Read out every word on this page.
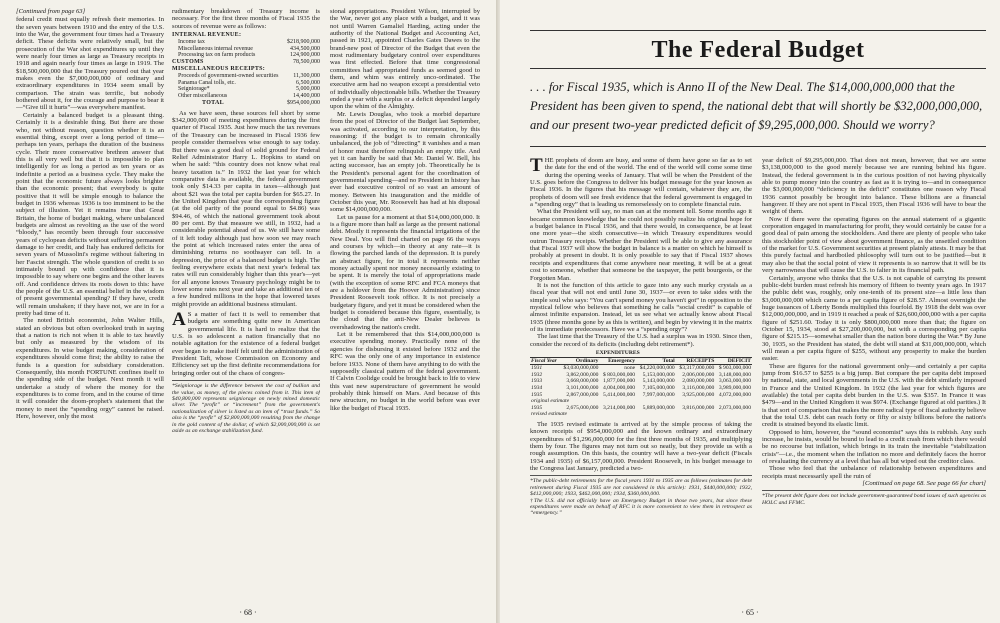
[Continued from page 63]

federal credit must equally refresh their memories. In the seven years between 1910 and the entry of the U.S. into the War, the government four times had a Treasury deficit. These deficits were relatively small, but the prosecution of the War shot expenditures up until they were nearly four times as large as Treasury receipts in 1918 and again nearly four times as large in 1919. The $18,500,000,000 that the Treasury poured out that year makes even the $7,000,000,000 of ordinary and extraordinary expenditures in 1934 seem small by comparison. The strain was terrific, but nobody bothered about it, for the courage and purpose to bear it—“Give till it hurts”—was everywhere manifest.

Certainly a balanced budget is a pleasant thing. Certainly it is a desirable thing. But there are those who, not without reason, question whether it is an essential thing, except over a long period of time—perhaps ten years, perhaps the duration of the business cycle. Their more conservative brethren answer that this is all very well but that it is impossible to plan intelligently for as long a period as ten years or as indefinite a period as a business cycle. They make the point that the economic future always looks brighter than the economic present; that everybody is quite positive that it will be simple enough to balance the budget in 1936 whereas 1936 is too imminent to be the subject of illusion. Yet it remains true that Great Britain, the home of budget making, where unbalanced budgets are almost as revolting as the use of the word “bloody,” has recently been through four successive years of cyclopean deficits without suffering permanent damage to her credit, and Italy has endured deficits for seven years of Mussolini's regime without faltering in her Fascist strength. The whole question of credit is so intimately bound up with confidence that it is impossible to say where one begins and the other leaves off. And confidence drives its roots down to this: have the people of the U.S. an essential belief in the wisdom of present governmental spending? If they have, credit will remain unshaken; if they have not, we are in for a pretty bad time of it.

The noted British economist, John Walter Hills, stated an obvious but often overlooked truth in saying that a nation is rich not when it is able to tax heavily but only as measured by the wisdom of its expenditures. In wise budget making, consideration of expenditures should come first; the ability to raise the funds is a question for subsidiary consideration. Consequently, this month FORTUNE confines itself to the spending side of the budget. Next month it will undertake a study of where the money for the expenditures is to come from, and in the course of time it will consider the doom-prophet's statement that the money to meet the “spending orgy” cannot be raised. Here, however, only the most

rudimentary breakdown of Treasury income is necessary. For the first three months of Fiscal 1935 the sources of revenue were as follows:

INTERNAL REVENUE:
Income tax	$218,900,000
Miscellaneous internal revenue	434,500,000
Processing tax on farm products	124,900,000
CUSTOMS	78,500,000
MISCELLANEOUS RECEIPTS:
Proceeds of government-owned securities	11,300,000
Panama Canal tolls, etc.	6,500,000
Seigniorage*	5,000,000
Other miscellaneous	14,400,000
TOTAL	$954,000,000

As we have seen, these sources fell short by some $342,000,000 of meeting expenditures during the first quarter of Fiscal 1935. Just how much the tax revenues of the Treasury can be increased in Fiscal 1936 few people consider themselves wise enough to say today. But there was a good deal of solid ground for Federal Relief Administrator Harry L. Hopkins to stand on when he said: “this country does not know what real heavy taxation is.” In 1932 the last year for which comparative data is available, the federal government took only $14.33 per capita in taxes—although just about $21 was the total per capita burden for $65.27. In the United Kingdom that year the corresponding figure (at the old parity of the pound equal to $4.86) was $94.46, of which the national government took about 80 per cent. By that measure we still, in 1932, had a considerable potential ahead of us. We still have some of it left today although just how soon we may reach the point at which increased rates enter the area of diminishing returns no soothsayer can tell. In a depression, the price of a balanced budget is high. The feeling everywhere exists that next year's federal tax rates will run considerably higher than this year's—yet for all anyone knows Treasury psychology might be to lower some rates next year and take an additional ten of a few hundred millions in the hope that lowered taxes might provide an additional business stimulant.

A S a matter of fact it is well to remember that budgets are something quite new in American governmental life. It is hard to realize that the U.S. is so adolescent a nation financially that no notable agitation for the existence of a federal budget ever began to make itself felt until the administration of President Taft, whose Commission on Economy and Efficiency set up the first definite recommendations for bringing order out of the chaos of congres-

*Seigniorage is the difference between the cost of bullion and the value, as money, of the pieces coined from it. This item of $40,800,000 represents seigniorage on newly mined domestic silver. The “profit” or “increment” from the government's nationalization of silver is listed as an item of “trust funds.” So also is the “profit” of $2,800,000,000 resulting from the change in the gold content of the dollar, of which $2,000,000,000 is set aside as an exchange stabilization fund.

sional appropriations. President Wilson, interrupted by the War, never got any place with a budget, and it was not until Warren Gamaliel Harding, acting under the authority of the National Budget and Accounting Act, passed in 1921, appointed Charles Gates Dawes to the brand-new post of Director of the Budget that even the most rudimentary budgetary control over expenditures was first effected. Before that time congressional committees had appropriated funds as seemed good to them, and whim was entirely unco-ordinated. The executive arm had no weapon except a presidential veto of individually objectionable bills. Whether the Treasury ended a year with a surplus or a deficit depended largely upon the whim of the Almighty.

Mr. Lewis Douglas, who took a morbid departure from the post of Director of the Budget last September, was activated, according to our interpretation, by this reasoning: if the budget is to remain chronically unbalanced, the job of “directing” it vanishes and a man of honor must therefore relinquish an empty title. And yet it can hardly be said that Mr. Daniel W. Bell, his acting successor, has an empty job. Theoretically he is the President's personal agent for the coordination of governmental spending—and no President in history has ever had executive control of so vast an amount of money. Between his inauguration and the middle of October this year, Mr. Roosevelt has had at his disposal some $14,000,000,000.

Let us pause for a moment at that $14,000,000,000. It is a figure more than half as large as the present national debt. Mostly it represents the financial irrigations of the New Deal. You will find charted on page 66 the ways and courses by which—in theory at any rate—it is flowing the parched lands of the depression. It is purely an abstract figure, for in total it represents neither money actually spent nor money necessarily existing to be spent. It is merely the total of appropriations made (with the exception of some RFC and FCA moneys that are a holdover from the Hoover Administration) since President Roosevelt took office. It is not precisely a budgetary figure, and yet it must be considered when the budget is considered because this figure, essentially, is the cloud that the anti-New Dealer believes is overshadowing the nation's credit.

Let it be remembered that this $14,000,000,000 is executive spending money. Practically none of the agencies for disbursing it existed before 1932 and the RFC was the only one of any importance in existence before 1933. None of them have anything to do with the supposedly classical pattern of the federal government. If Calvin Coolidge could be brought back to life to view this vast new superstructure of government he would probably think himself on Mars. And because of this new structure, no budget in the world before was ever like the budget of Fiscal 1935.

· 68 ·
The Federal Budget
. . . for Fiscal 1935, which is Anno II of the New Deal. The $14,000,000,000 that the President has been given to spend, the national debt that will shortly be $32,000,000,000, and our present two-year predicted deficit of $9,295,000,000. Should we worry?

THE prophets of doom are busy, and some of them have gone so far as to set the date for the end of the world. The end of the world will come some time during the opening weeks of January. That will be when the President of the U.S. goes before the Congress to deliver his budget message for the year known as Fiscal 1936. In the figures that his message will contain, whatever they are, the prophets of doom will see fresh evidence that the federal government is engaged in a “spending orgy” that is leading us remorselessly on to complete financial ruin.

What the President will say, no man can at the moment tell. Some months ago it became common knowledge that he could not possibly realize his original hope for a budget balance in Fiscal 1936, and that there would, in consequence, be at least one more year—the sixth consecutive—in which Treasury expenditures would outrun Treasury receipts. Whether the President will be able to give any assurance that Fiscal 1937 will show the budget in balance is a matter on which he himself is probably at present in doubt. It is only possible to say that if Fiscal 1937 shows receipts and expenditures that come anywhere near meeting, it will be at a great cost to someone, whether that someone be the taxpayer, the petit bourgeois, or the Forgotten Man.

It is not the function of this article to gaze into any such murky crystals as a fiscal year that will not end until June 30, 1937—or even to take sides with the simple soul who says: “You can't spend money you haven't got” in opposition to the mystical fellow who believes that something he calls “social credit” is capable of almost infinite expansion. Instead, let us see what we actually know about Fiscal 1935 (three months gone by as this is written), and begin by viewing it in the matrix of its immediate predecessors. Have we a “spending orgy”?

The last time that the Treasury of the U.S. had a surplus was in 1930. Since then, consider the record of its deficits (including debt retirement*).

	EXPENDITURES				
Fiscal Year	Ordinary	Emergency	Total	RECEIPTS	DEFICIT
1931	$3,030,000,000	none	$4,220,000,000	$3,317,000,000	$ 903,000,000
1932	3,862,000,000	$ 803,000,000	5,153,000,000	2,006,000,000	3,148,000,000
1933	3,668,000,000	1,877,000,000	5,143,000,000	2,080,000,000	3,063,000,000
1934	3,101,000,000	4,004,000,000	7,105,000,000	3,116,000,000	3,989,000,000
1935	2,867,000,000	5,414,000,000	7,997,000,000	3,925,000,000	4,072,000,000
original estimate					
1935	2,675,000,000	3,214,000,000	5,889,000,000	3,816,000,000	2,073,000,000
revised estimate					

The 1935 revised estimate is arrived at by the simple process of taking the known receipts of $954,000,000 and the known ordinary and extraordinary expenditures of $1,296,000,000 for the first three months of 1935, and multiplying them by four. The figures may not turn out so neatly, but they provide us with a rough assumption. On this basis, the country will have a two-year deficit (Fiscals 1934 and 1935) of $6,157,000,000. President Roosevelt, in his budget message to the Congress last January, predicted a two-

*The public-debt retirements for the fiscal years 1931 to 1935 are as follows (estimates for debt retirement during Fiscal 1935 are not considered in this article): 1931, $440,000,000; 1932, $412,000,000; 1933, $462,000,000; 1934, $360,000,000.
†The U.S. did not officially have an Emergency Budget in those two years, but since these expenditures were made on behalf of RFC it is more convenient to view them in retrospect as “emergency.”

year deficit of $9,295,000,000. That does not mean, however, that we are some $3,138,000,000 to the good merely because we are running behind his figure. Instead, the federal government is in the curious position of not having physically able to pump money into the country as fast as it is trying to—and in consequence the $3,000,000,000 “deficiency in the deficit” constitutes one reason why Fiscal 1936 cannot possibly be brought into balance. These billions are a financial hangover. If they are not spent in Fiscal 1935, then Fiscal 1936 will have to bear the weight of them.

Now if there were the operating figures on the annual statement of a gigantic corporation engaged in manufacturing for profit, they would certainly be cause for a good deal of pain among the stockholders. And there are plenty of people who take this stockholder point of view about government finance, as the unsettled condition of the market for U.S. Government securities at present plainly attests. It may be that this purely factual and hardboiled philosophy will turn out to be justified—but it may also be that the social point of view it represents is so narrow that it will be its very narrowness that will cause the U.S. to falter in its financial path.

Certainly, anyone who thinks that the U.S. is not capable of carrying its present public-debt burden must refresh his memory of fifteen to twenty years ago. In 1917 the public debt was, roughly, only one-tenth of its present size—a little less than $3,000,000,000 which came to a per capita figure of $28.57. Almost overnight the huge issuances of Liberty Bonds multiplied this fourfold. By 1918 the debt was over $12,000,000,000, and in 1919 it reached a peak of $26,600,000,000 with a per capita figure of $251.60. Today it is only $800,000,000 more than that; the figure on October 15, 1934, stood at $27,200,000,000, but with a corresponding per capita figure of $215.15—somewhat smaller than the nation bore during the War.* By June 30, 1935, so the President has stated, the debt will stand at $31,000,000,000, which will mean a per capita figure of $255, without any prosperity to make the burden easier.

These are figures for the national government only—and certainly a per capita jump from $16.57 to $255 is a big jump. But compare the per capita debt imposed by national, state, and local governments in the U.S. with the debt similarly imposed in France and the United Kingdom. In 1932 (the last year for which figures are available) the total per capita debt burden in the U.S. was $357. In France it was $479—and in the United Kingdom it was $974. (Exchange figured at old parities.) It is that sort of comparison that makes the more radical type of fiscal authority believe that the total U.S. debt can reach forty or fifty or sixty billions before the nation's credit is strained beyond its elastic limit.

Opposed to him, however, the “sound economist” says this is rubbish. Any such increase, he insists, would be bound to lead to a credit crash from which there would be no recourse but inflation, which brings in its train the inevitable “stabilization crisis”—i.e., the moment when the inflation no more and definitely faces the horror of revaluating the currency at a level that has all but wiped out the creditor class.

Those who feel that the unbalance of relationship between expenditures and receipts must necessarily spell the ruin of

[Continued on page 68. See page 66 for chart]

*The present debt figure does not include government-guaranteed bond issues of such agencies as HOLC and FFMC.
· 65 ·
